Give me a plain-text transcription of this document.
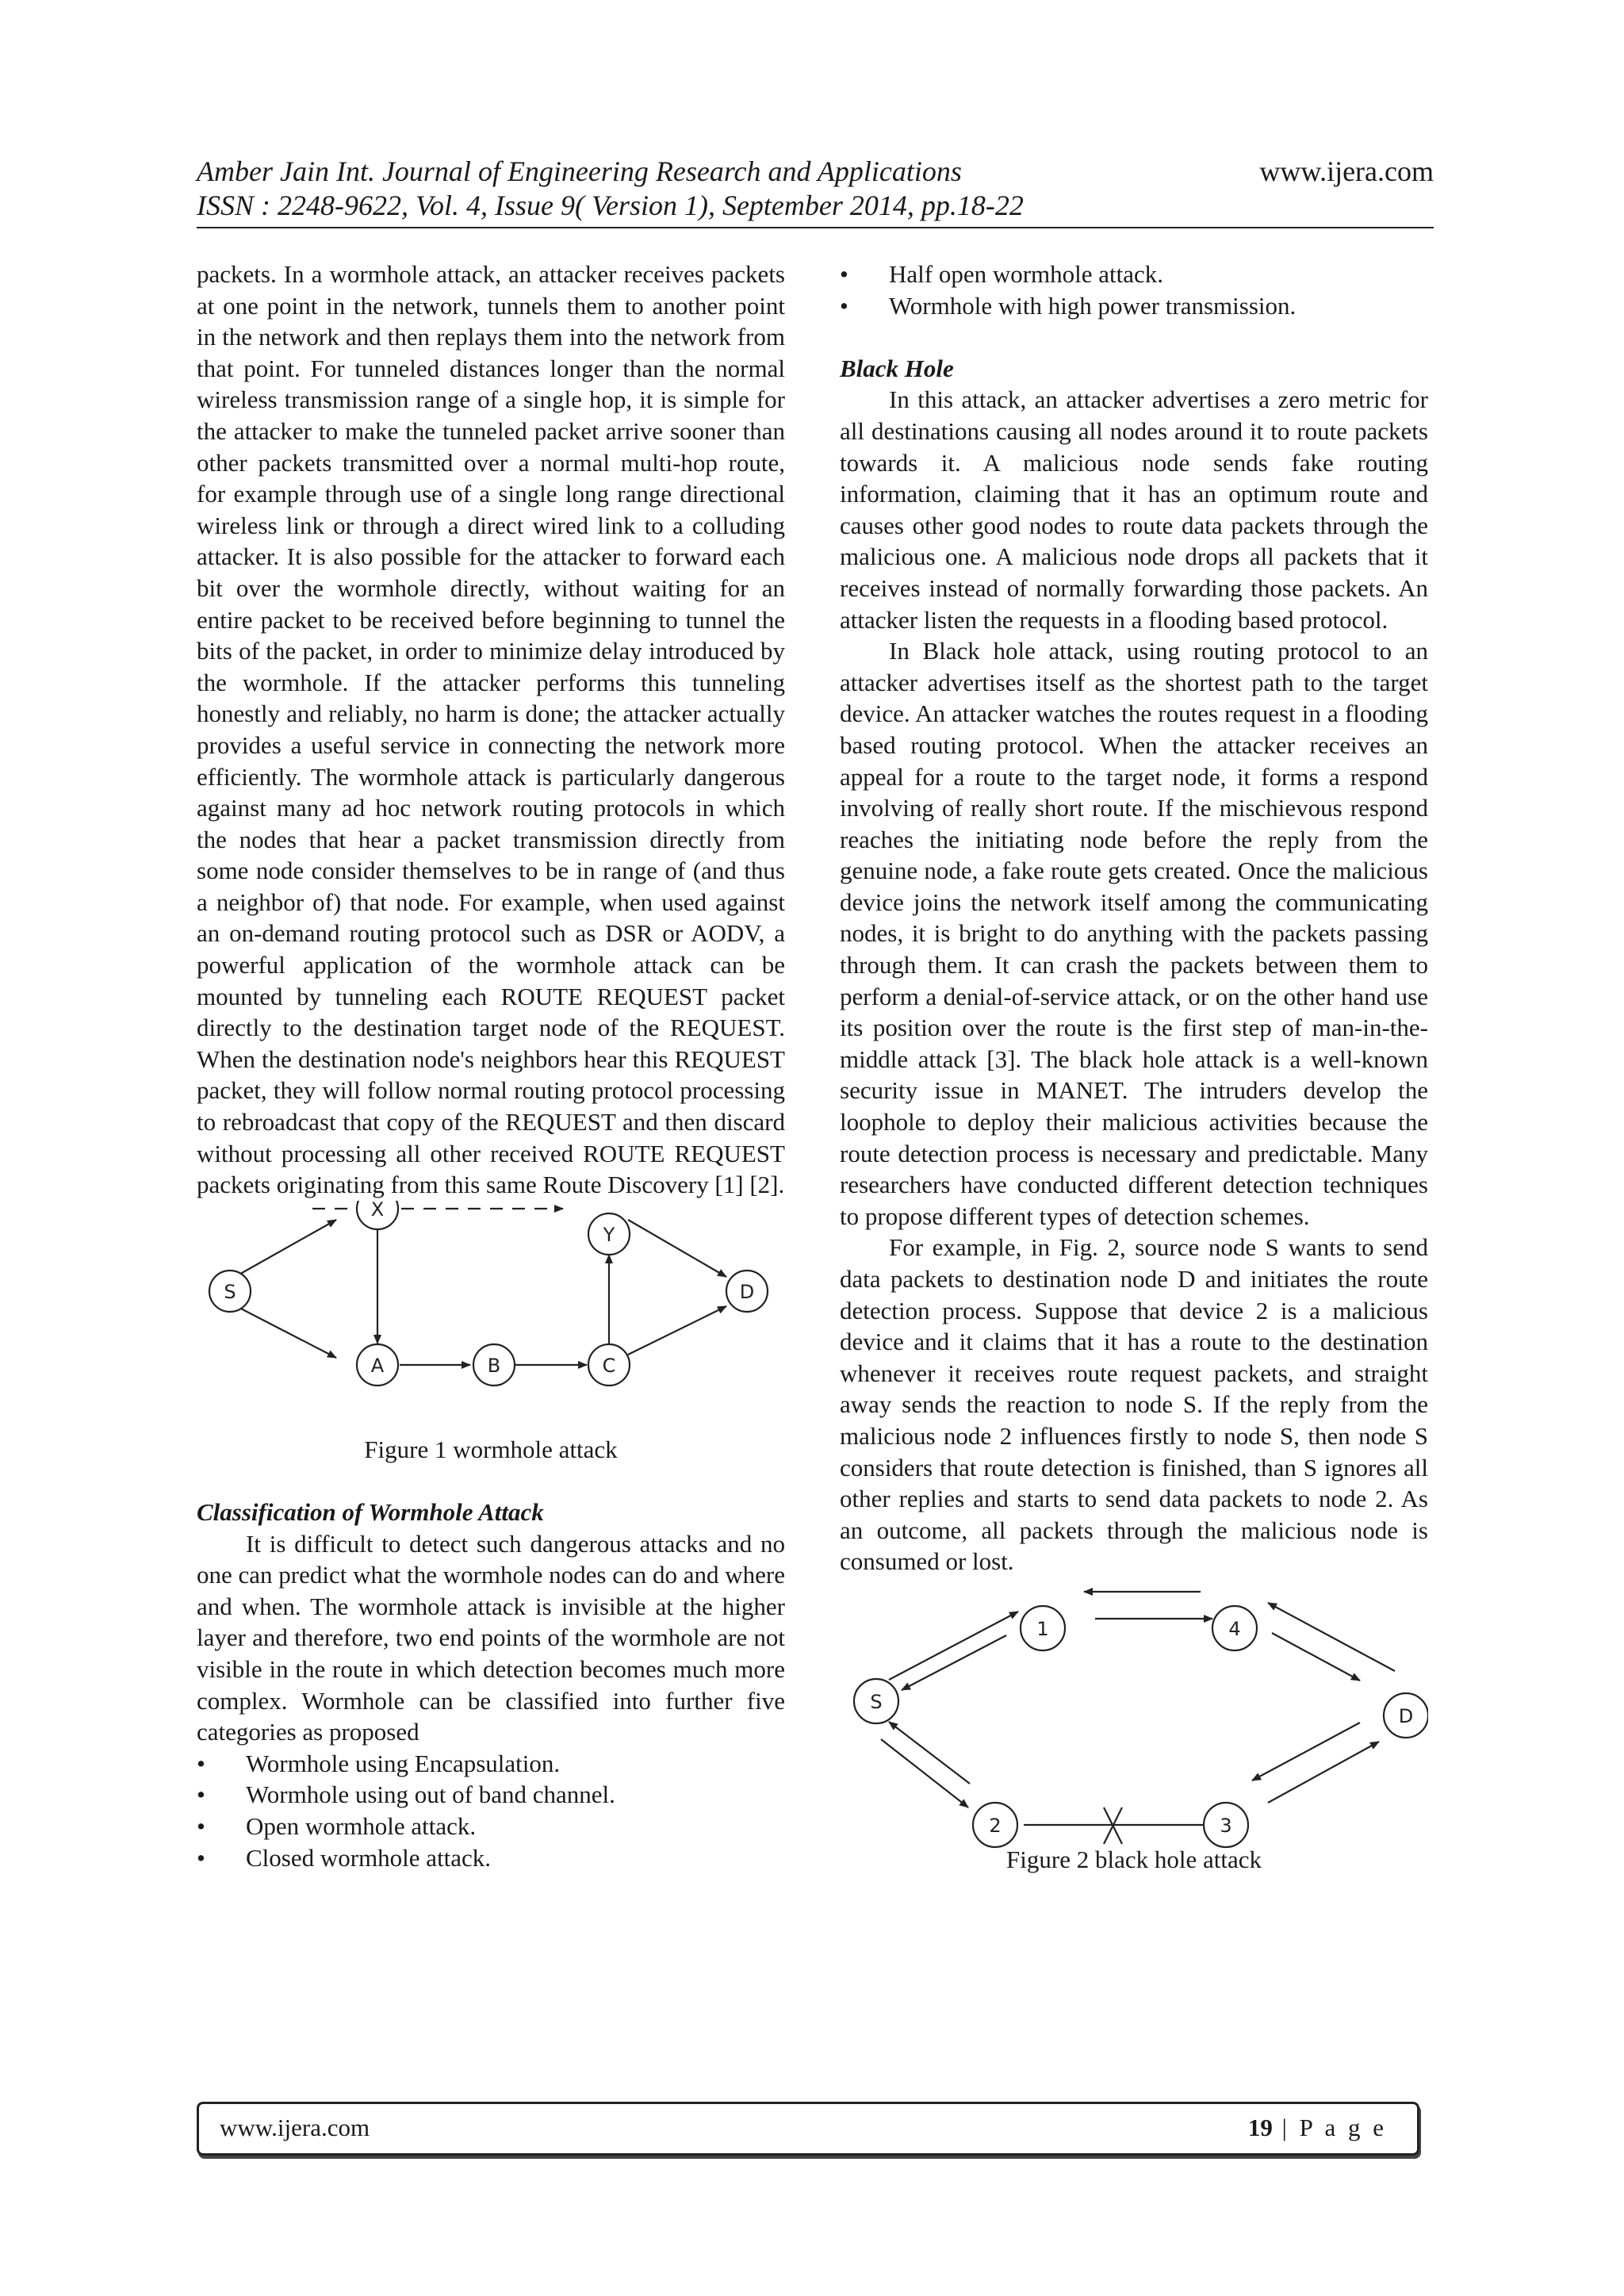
Amber Jain Int. Journal of Engineering Research and Applications	www.ijera.com
ISSN : 2248-9622, Vol. 4, Issue 9( Version 1), September 2014, pp.18-22

packets. In a wormhole attack, an attacker receives packets at one point in the network, tunnels them to another point in the network and then replays them into the network from that point. For tunneled distances longer than the normal wireless transmission range of a single hop, it is simple for the attacker to make the tunneled packet arrive sooner than other packets transmitted over a normal multi-hop route, for example through use of a single long range directional wireless link or through a direct wired link to a colluding attacker. It is also possible for the attacker to forward each bit over the wormhole directly, without waiting for an entire packet to be received before beginning to tunnel the bits of the packet, in order to minimize delay introduced by the wormhole. If the attacker performs this tunneling honestly and reliably, no harm is done; the attacker actually provides a useful service in connecting the network more efficiently. The wormhole attack is particularly dangerous against many ad hoc network routing protocols in which the nodes that hear a packet transmission directly from some node consider themselves to be in range of (and thus a neighbor of) that node. For example, when used against an on-demand routing protocol such as DSR or AODV, a powerful application of the wormhole attack can be mounted by tunneling each ROUTE REQUEST packet directly to the destination target node of the REQUEST. When the destination node's neighbors hear this REQUEST packet, they will follow normal routing protocol processing to rebroadcast that copy of the REQUEST and then discard without processing all other received ROUTE REQUEST packets originating from this same Route Discovery [1] [2].

X
Y
S	D
A	B	C

Figure 1 wormhole attack

Classification of Wormhole Attack

It is difficult to detect such dangerous attacks and no one can predict what the wormhole nodes can do and where and when. The wormhole attack is invisible at the higher layer and therefore, two end points of the wormhole are not visible in the route in which detection becomes much more complex. Wormhole can be classified into further five categories as proposed

• Wormhole using Encapsulation.
• Wormhole using out of band channel.
• Open wormhole attack.
• Closed wormhole attack.
• Half open wormhole attack.
• Wormhole with high power transmission.

Black Hole

In this attack, an attacker advertises a zero metric for all destinations causing all nodes around it to route packets towards it. A malicious node sends fake routing information, claiming that it has an optimum route and causes other good nodes to route data packets through the malicious one. A malicious node drops all packets that it receives instead of normally forwarding those packets. An attacker listen the requests in a flooding based protocol.

In Black hole attack, using routing protocol to an attacker advertises itself as the shortest path to the target device. An attacker watches the routes request in a flooding based routing protocol. When the attacker receives an appeal for a route to the target node, it forms a respond involving of really short route. If the mischievous respond reaches the initiating node before the reply from the genuine node, a fake route gets created. Once the malicious device joins the network itself among the communicating nodes, it is bright to do anything with the packets passing through them. It can crash the packets between them to perform a denial-of-service attack, or on the other hand use its position over the route is the first step of man-in-the-middle attack [3]. The black hole attack is a well-known security issue in MANET. The intruders develop the loophole to deploy their malicious activities because the route detection process is necessary and predictable. Many researchers have conducted different detection techniques to propose different types of detection schemes.

For example, in Fig. 2, source node S wants to send data packets to destination node D and initiates the route detection process. Suppose that device 2 is a malicious device and it claims that it has a route to the destination whenever it receives route request packets, and straight away sends the reaction to node S. If the reply from the malicious node 2 influences firstly to node S, then node S considers that route detection is finished, than S ignores all other replies and starts to send data packets to node 2. As an outcome, all packets through the malicious node is consumed or lost.

1	4
S
D
2	3

Figure 2 black hole attack

www.ijera.com	19 | P a g e
